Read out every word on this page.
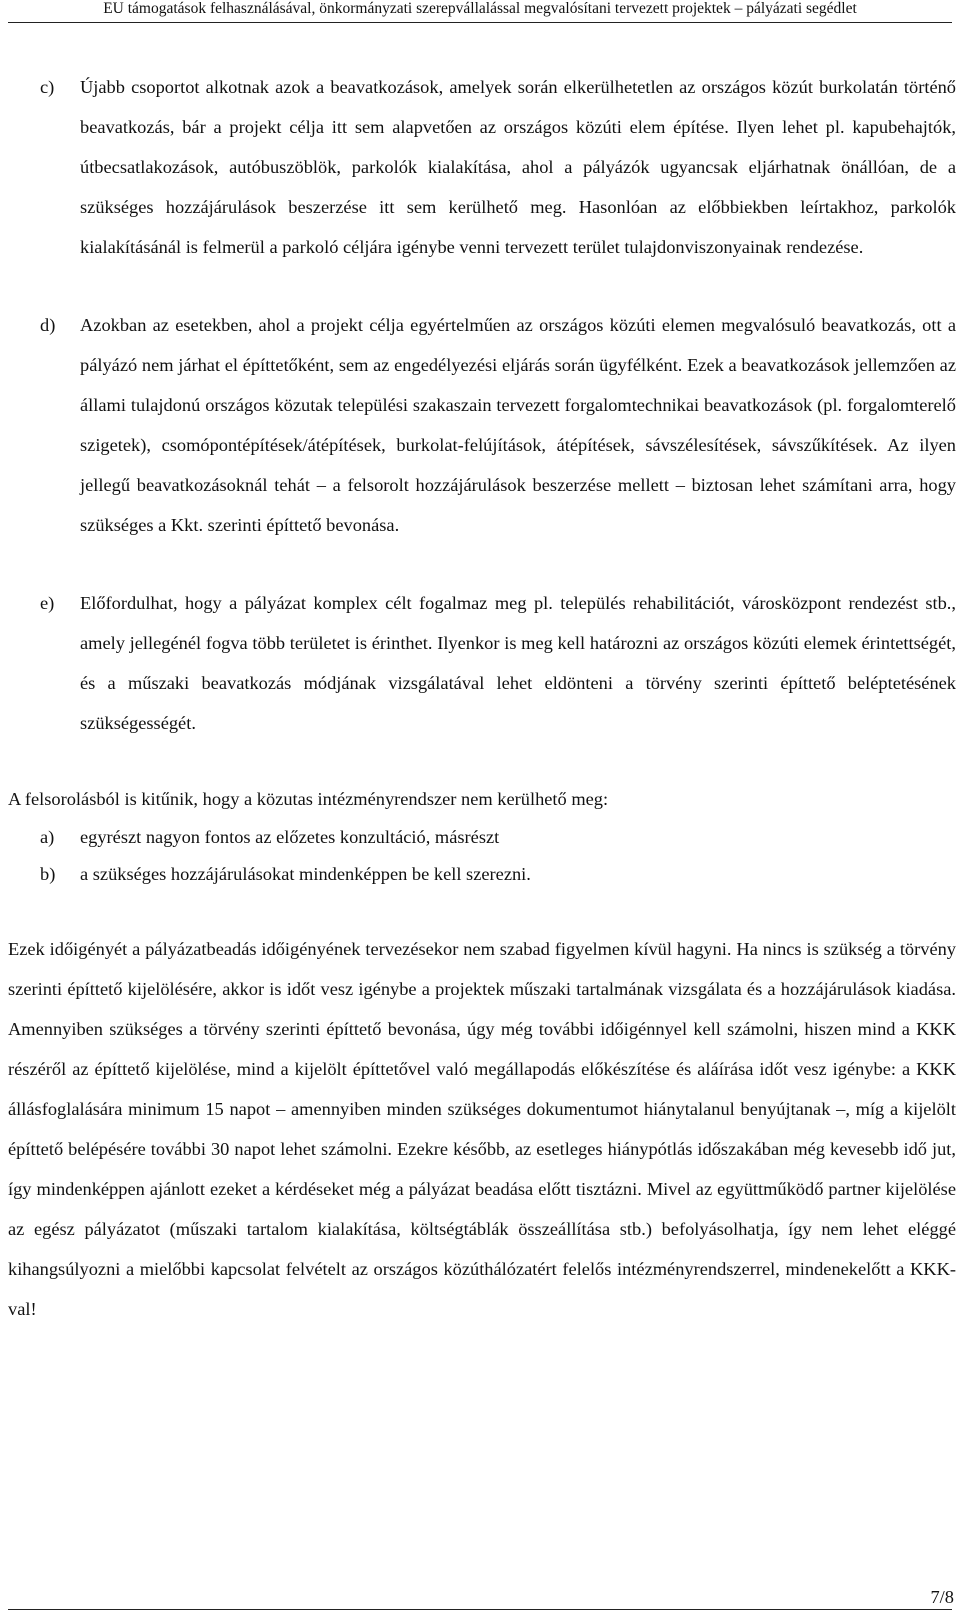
EU támogatások felhasználásával, önkormányzati szerepvállalással megvalósítani tervezett projektek – pályázati segédlet
c) Újabb csoportot alkotnak azok a beavatkozások, amelyek során elkerülhetetlen az országos közút burkolatán történő beavatkozás, bár a projekt célja itt sem alapvetően az országos közúti elem építése. Ilyen lehet pl. kapubehajtók, útbecsatlakozások, autóbuszöblök, parkolók kialakítása, ahol a pályázók ugyancsak eljárhatnak önállóan, de a szükséges hozzájárulások beszerzése itt sem kerülhető meg. Hasonlóan az előbbiekben leírtakhoz, parkolók kialakításánál is felmerül a parkoló céljára igénybe venni tervezett terület tulajdonviszonyainak rendezése.
d) Azokban az esetekben, ahol a projekt célja egyértelműen az országos közúti elemen megvalósuló beavatkozás, ott a pályázó nem járhat el építtetőként, sem az engedélyezési eljárás során ügyfélként. Ezek a beavatkozások jellemzően az állami tulajdonú országos közutak települési szakaszain tervezett forgalomtechnikai beavatkozások (pl. forgalomterelő szigetek), csomópontépítések/átépítések, burkolat-felújítások, átépítések, sávszélesítések, sávszűkítések. Az ilyen jellegű beavatkozásoknál tehát – a felsorolt hozzájárulások beszerzése mellett – biztosan lehet számítani arra, hogy szükséges a Kkt. szerinti építtető bevonása.
e) Előfordulhat, hogy a pályázat komplex célt fogalmaz meg pl. település rehabilitációt, városközpont rendezést stb., amely jellegénél fogva több területet is érinthet. Ilyenkor is meg kell határozni az országos közúti elemek érintettségét, és a műszaki beavatkozás módjának vizsgálatával lehet eldönteni a törvény szerinti építtető beléptetésének szükségességét.
A felsorolásból is kitűnik, hogy a közutas intézményrendszer nem kerülhető meg:
a) egyrészt nagyon fontos az előzetes konzultáció, másrészt
b) a szükséges hozzájárulásokat mindenképpen be kell szerezni.
Ezek időigényét a pályázatbeadás időigényének tervezésekor nem szabad figyelmen kívül hagyni. Ha nincs is szükség a törvény szerinti építtető kijelölésére, akkor is időt vesz igénybe a projektek műszaki tartalmának vizsgálata és a hozzájárulások kiadása. Amennyiben szükséges a törvény szerinti építtető bevonása, úgy még további időigénnyel kell számolni, hiszen mind a KKK részéről az építtető kijelölése, mind a kijelölt építtetővel való megállapodás előkészítése és aláírása időt vesz igénybe: a KKK állásfoglalására minimum 15 napot – amennyiben minden szükséges dokumentumot hiánytalanul benyújtanak –, míg a kijelölt építtető belépésére további 30 napot lehet számolni. Ezekre később, az esetleges hiánypótlás időszakában még kevesebb idő jut, így mindenképpen ajánlott ezeket a kérdéseket még a pályázat beadása előtt tisztázni. Mivel az együttműködő partner kijelölése az egész pályázatot (műszaki tartalom kialakítása, költségtáblák összeállítása stb.) befolyásolhatja, így nem lehet eléggé kihangsúlyozni a mielőbbi kapcsolat felvételt az országos közúthálózatért felelős intézményrendszerrel, mindenekelőtt a KKK-val!
7/8
